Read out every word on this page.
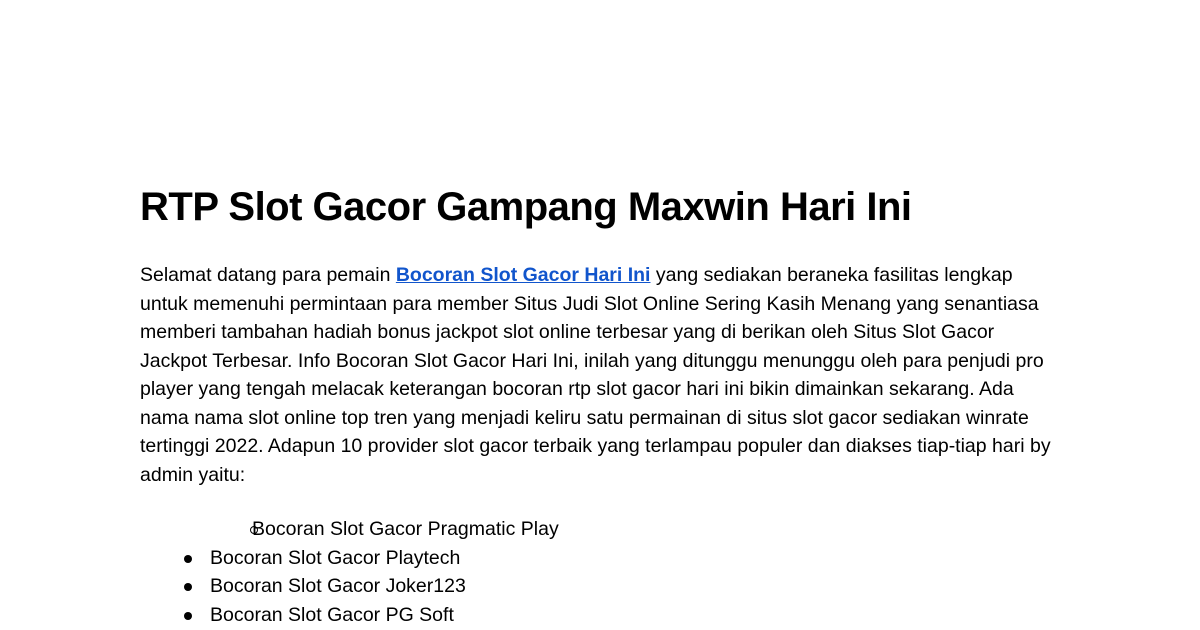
RTP Slot Gacor Gampang Maxwin Hari Ini

Selamat datang para pemain Bocoran Slot Gacor Hari Ini yang sediakan beraneka fasilitas lengkap untuk memenuhi permintaan para member Situs Judi Slot Online Sering Kasih Menang yang senantiasa memberi tambahan hadiah bonus jackpot slot online terbesar yang di berikan oleh Situs Slot Gacor Jackpot Terbesar. Info Bocoran Slot Gacor Hari Ini, inilah yang ditunggu menunggu oleh para penjudi pro player yang tengah melacak keterangan bocoran rtp slot gacor hari ini bikin dimainkan sekarang. Ada nama nama slot online top tren yang menjadi keliru satu permainan di situs slot gacor sediakan winrate tertinggi 2022. Adapun 10 provider slot gacor terbaik yang terlampau populer dan diakses tiap-tiap hari by admin yaitu:

Bocoran Slot Gacor Pragmatic Play
Bocoran Slot Gacor Playtech
Bocoran Slot Gacor Joker123
Bocoran Slot Gacor PG Soft
